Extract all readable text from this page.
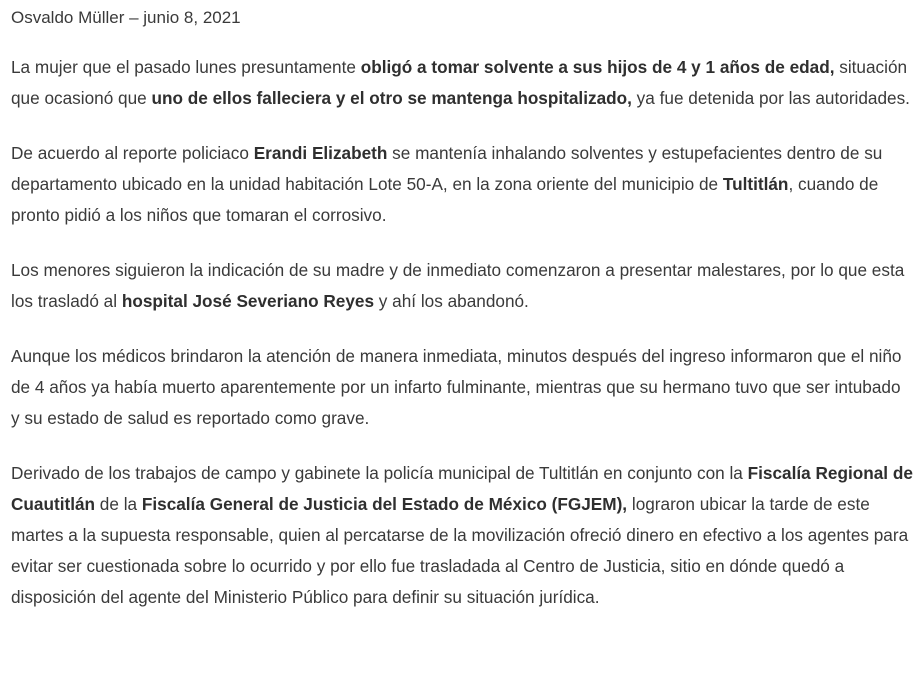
Osvaldo Müller – junio 8, 2021

La mujer que el pasado lunes presuntamente obligó a tomar solvente a sus hijos de 4 y 1 años de edad, situación que ocasionó que uno de ellos falleciera y el otro se mantenga hospitalizado, ya fue detenida por las autoridades.

De acuerdo al reporte policiaco Erandi Elizabeth se mantenía inhalando solventes y estupefacientes dentro de su departamento ubicado en la unidad habitación Lote 50-A, en la zona oriente del municipio de Tultitlán, cuando de pronto pidió a los niños que tomaran el corrosivo.

Los menores siguieron la indicación de su madre y de inmediato comenzaron a presentar malestares, por lo que esta los trasladó al hospital José Severiano Reyes y ahí los abandonó.

Aunque los médicos brindaron la atención de manera inmediata, minutos después del ingreso informaron que el niño de 4 años ya había muerto aparentemente por un infarto fulminante, mientras que su hermano tuvo que ser intubado y su estado de salud es reportado como grave.

Derivado de los trabajos de campo y gabinete la policía municipal de Tultitlán en conjunto con la Fiscalía Regional de Cuautitlán de la Fiscalía General de Justicia del Estado de México (FGJEM), lograron ubicar la tarde de este martes a la supuesta responsable, quien al percatarse de la movilización ofreció dinero en efectivo a los agentes para evitar ser cuestionada sobre lo ocurrido y por ello fue trasladada al Centro de Justicia, sitio en dónde quedó a disposición del agente del Ministerio Público para definir su situación jurídica.
